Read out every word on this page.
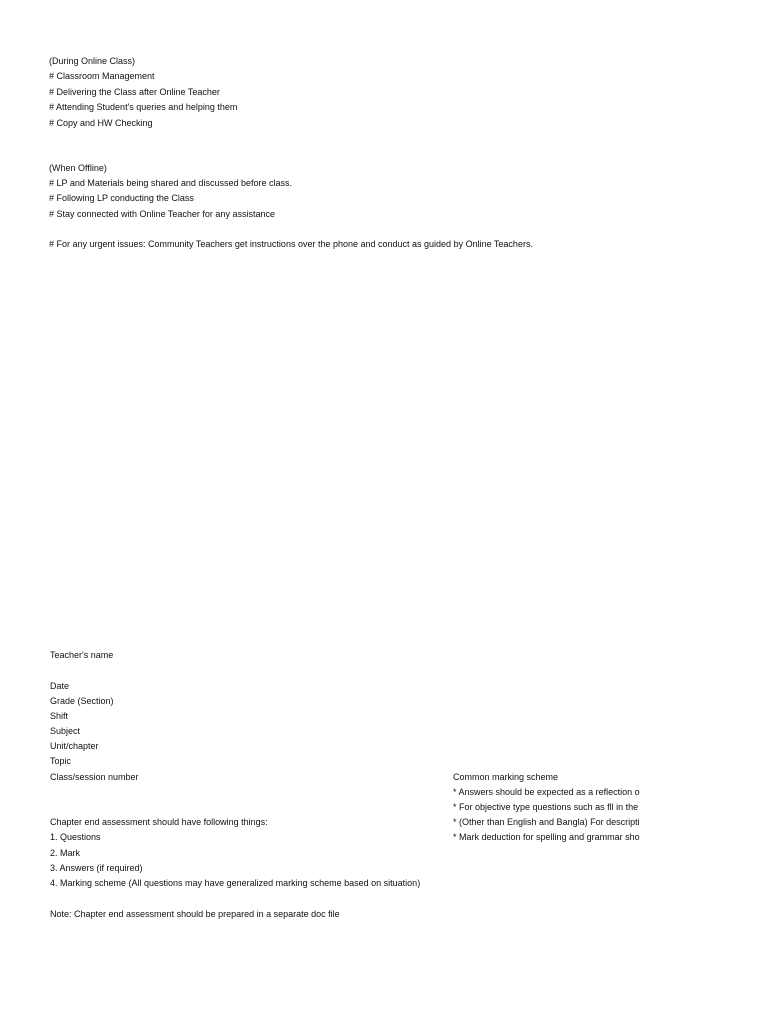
(During Online Class)
# Classroom Management
# Delivering the Class after Online Teacher
# Attending Student's queries and helping them
# Copy and HW Checking
(When Offline)
# LP and Materials being shared and discussed before class.
# Following LP conducting the Class
# Stay connected with Online Teacher for any assistance
# For any urgent issues: Community Teachers get instructions over the phone and conduct as guided by Online Teachers.
Teacher's name
Date
Grade (Section)
Shift
Subject
Unit/chapter
Topic
Class/session number
Chapter end assessment should have following things:
1. Questions
2. Mark
3. Answers (if required)
4. Marking scheme (All questions may have generalized marking scheme based on situation)
Note: Chapter end assessment should be prepared in a separate doc file
Common marking scheme
* Answers should be expected as a reflection o
* For objective type questions such as fll in the
* (Other than English and Bangla) For descripti
* Mark deduction for spelling and grammar sho
